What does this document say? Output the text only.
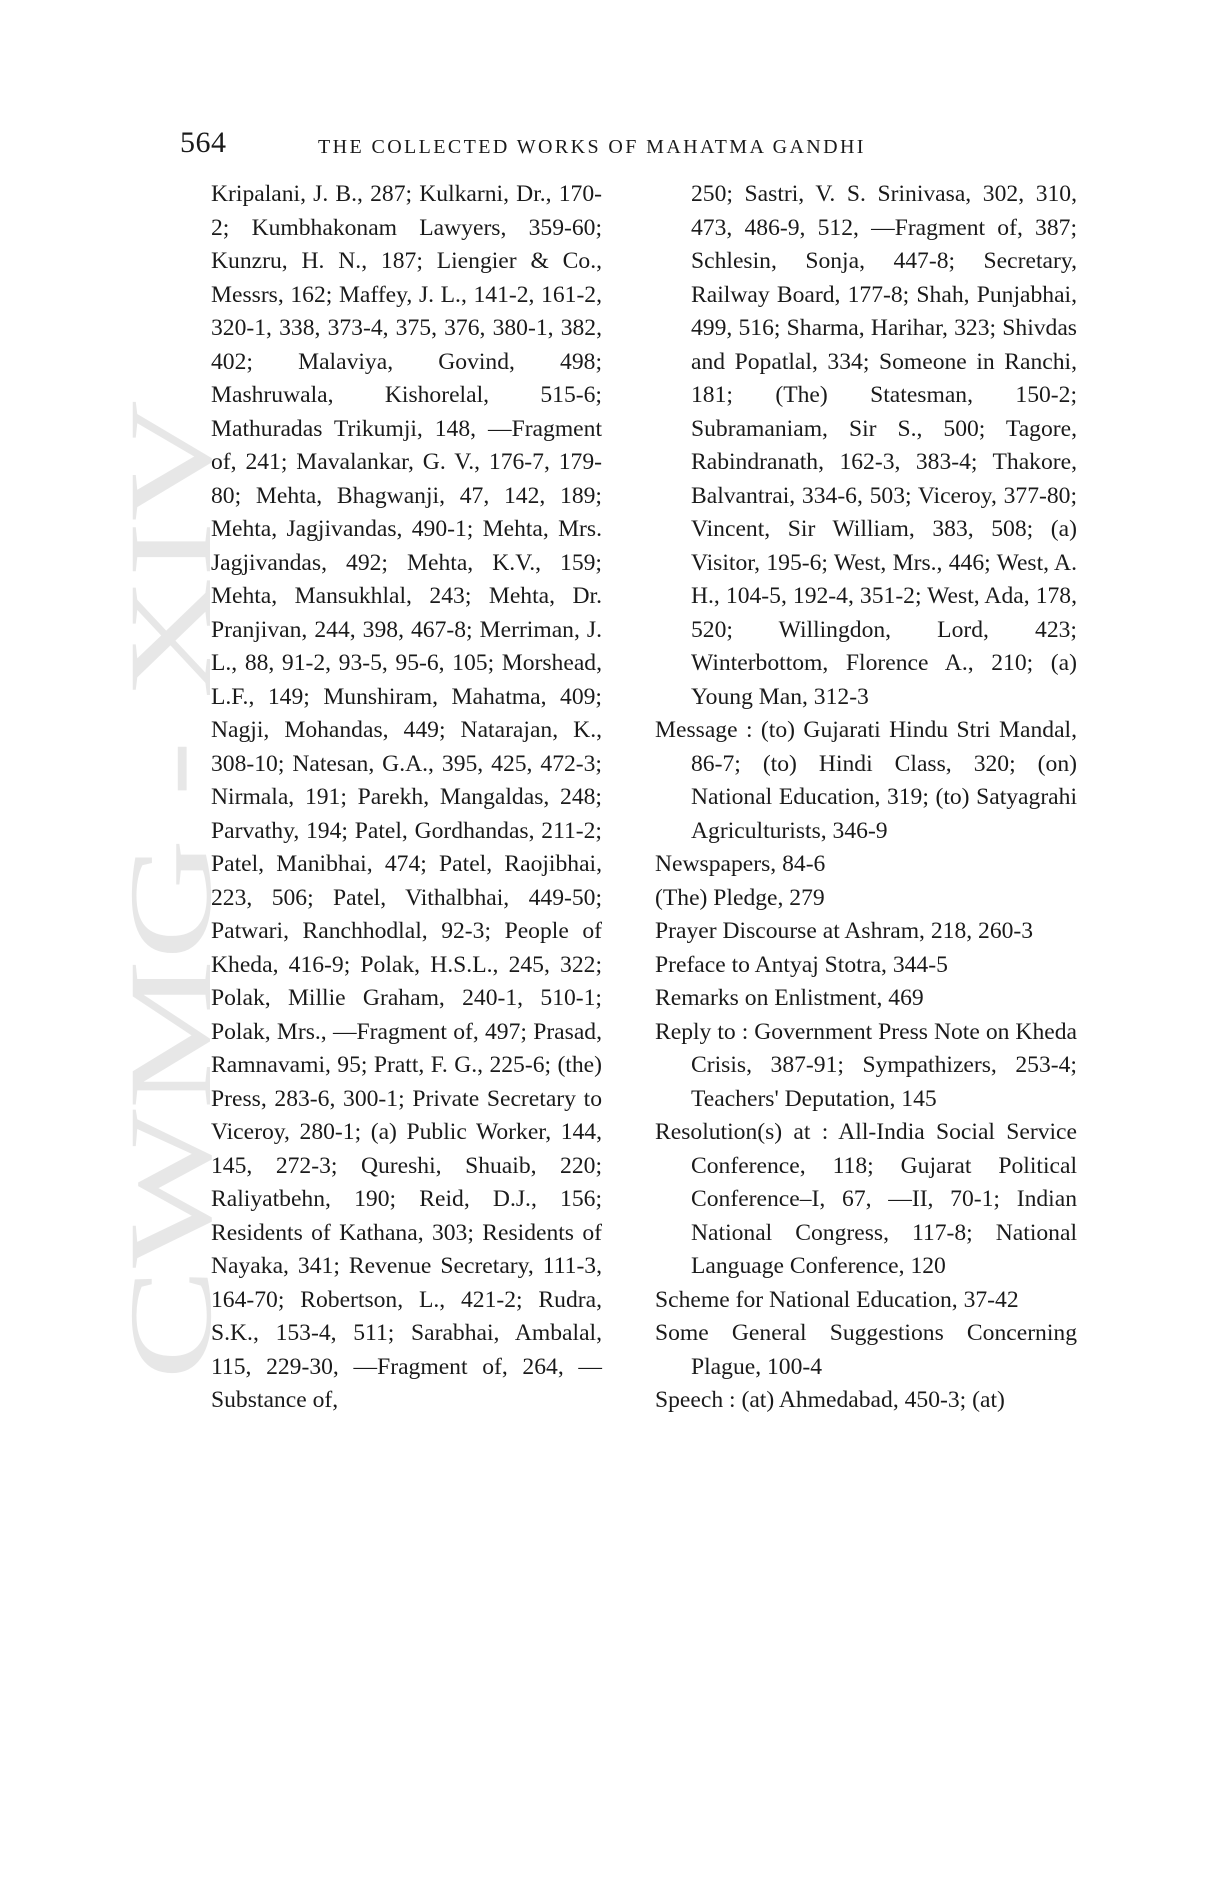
CWMG - XIV
564	THE COLLECTED WORKS OF MAHATMA GANDHI

Kripalani, J. B., 287; Kulkarni, Dr., 170-2; Kumbhakonam Lawyers, 359-60; Kunzru, H. N., 187; Liengier & Co., Messrs, 162; Maffey, J. L., 141-2, 161-2, 320-1, 338, 373-4, 375, 376, 380-1, 382, 402; Malaviya, Govind, 498; Mashruwala, Kishorelal, 515-6; Mathuradas Trikumji, 148, —Fragment of, 241; Mavalankar, G. V., 176-7, 179-80; Mehta, Bhagwanji, 47, 142, 189; Mehta, Jagjivandas, 490-1; Mehta, Mrs. Jagjivandas, 492; Mehta, K.V., 159; Mehta, Mansukhlal, 243; Mehta, Dr. Pranjivan, 244, 398, 467-8; Merriman, J. L., 88, 91-2, 93-5, 95-6, 105; Morshead, L.F., 149; Munshiram, Mahatma, 409; Nagji, Mohandas, 449; Natarajan, K., 308-10; Natesan, G.A., 395, 425, 472-3; Nirmala, 191; Parekh, Mangaldas, 248; Parvathy, 194; Patel, Gordhandas, 211-2; Patel, Manibhai, 474; Patel, Raojibhai, 223, 506; Patel, Vithalbhai, 449-50; Patwari, Ranchhodlal, 92-3; People of Kheda, 416-9; Polak, H.S.L., 245, 322; Polak, Millie Graham, 240-1, 510-1; Polak, Mrs., —Fragment of, 497; Prasad, Ramnavami, 95; Pratt, F. G., 225-6; (the) Press, 283-6, 300-1; Private Secretary to Viceroy, 280-1; (a) Public Worker, 144, 145, 272-3; Qureshi, Shuaib, 220; Raliyatbehn, 190; Reid, D.J., 156; Residents of Kathana, 303; Residents of Nayaka, 341; Revenue Secretary, 111-3, 164-70; Robertson, L., 421-2; Rudra, S.K., 153-4, 511; Sarabhai, Ambalal, 115, 229-30, —Fragment of, 264, —Substance of,

250; Sastri, V. S. Srinivasa, 302, 310, 473, 486-9, 512, —Fragment of, 387; Schlesin, Sonja, 447-8; Secretary, Railway Board, 177-8; Shah, Punjabhai, 499, 516; Sharma, Harihar, 323; Shivdas and Popatlal, 334; Someone in Ranchi, 181; (The) Statesman, 150-2; Subramaniam, Sir S., 500; Tagore, Rabindranath, 162-3, 383-4; Thakore, Balvantrai, 334-6, 503; Viceroy, 377-80; Vincent, Sir William, 383, 508; (a) Visitor, 195-6; West, Mrs., 446; West, A. H., 104-5, 192-4, 351-2; West, Ada, 178, 520; Willingdon, Lord, 423; Winterbottom, Florence A., 210; (a) Young Man, 312-3

Message : (to) Gujarati Hindu Stri Mandal, 86-7; (to) Hindi Class, 320; (on) National Education, 319; (to) Satyagrahi Agriculturists, 346-9

Newspapers, 84-6

(The) Pledge, 279

Prayer Discourse at Ashram, 218, 260-3

Preface to Antyaj Stotra, 344-5

Remarks on Enlistment, 469

Reply to : Government Press Note on Kheda Crisis, 387-91; Sympathizers, 253-4; Teachers' Deputation, 145

Resolution(s) at : All-India Social Service Conference, 118; Gujarat Political Conference–I, 67, —II, 70-1; Indian National Congress, 117-8; National Language Conference, 120

Scheme for National Education, 37-42

Some General Suggestions Concerning Plague, 100-4

Speech : (at) Ahmedabad, 450-3; (at)
